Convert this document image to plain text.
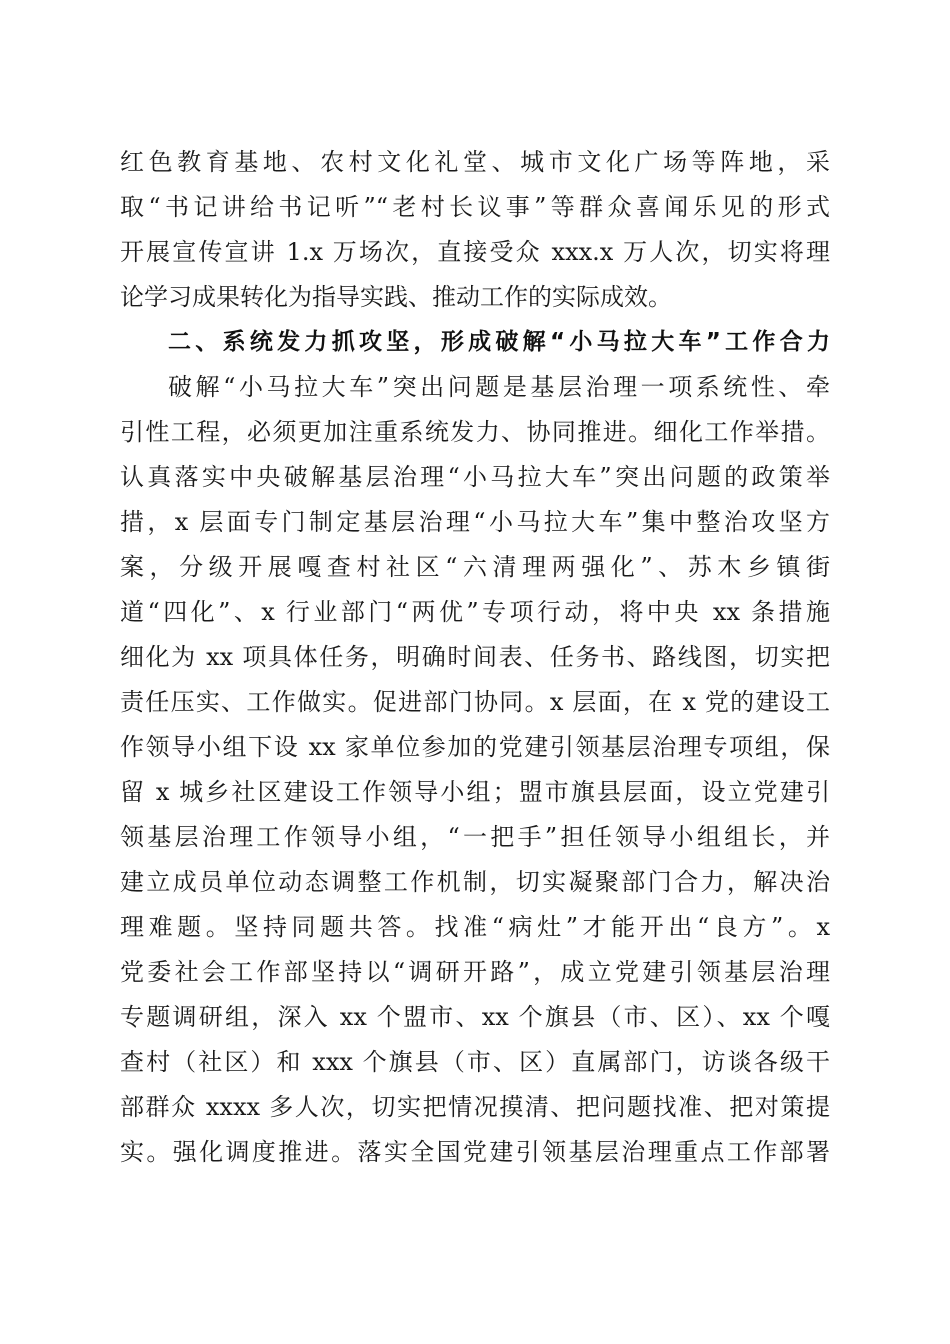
红色教育基地、农村文化礼堂、城市文化广场等阵地，采
取“书记讲给书记听”“老村长议事”等群众喜闻乐见的形式
开展宣传宣讲 1.x 万场次，直接受众 xxx.x 万人次，切实将理
论学习成果转化为指导实践、推动工作的实际成效。
二、系统发力抓攻坚，形成破解“小马拉大车”工作合力
破解“小马拉大车”突出问题是基层治理一项系统性、牵
引性工程，必须更加注重系统发力、协同推进。细化工作举措。
认真落实中央破解基层治理“小马拉大车”突出问题的政策举
措，x 层面专门制定基层治理“小马拉大车”集中整治攻坚方
案，分级开展嘎查村社区“六清理两强化”、苏木乡镇街
道“四化”、x 行业部门“两优”专项行动，将中央 xx 条措施
细化为 xx 项具体任务，明确时间表、任务书、路线图，切实把
责任压实、工作做实。促进部门协同。x 层面，在 x 党的建设工
作领导小组下设 xx 家单位参加的党建引领基层治理专项组，保
留 x 城乡社区建设工作领导小组；盟市旗县层面，设立党建引
领基层治理工作领导小组，“一把手”担任领导小组组长，并
建立成员单位动态调整工作机制，切实凝聚部门合力，解决治
理难题。坚持同题共答。找准“病灶”才能开出“良方”。x
党委社会工作部坚持以“调研开路”，成立党建引领基层治理
专题调研组，深入 xx 个盟市、xx 个旗县（市、区）、xx 个嘎
查村（社区）和 xxx 个旗县（市、区）直属部门，访谈各级干
部群众 xxxx 多人次，切实把情况摸清、把问题找准、把对策提
实。强化调度推进。落实全国党建引领基层治理重点工作部署
